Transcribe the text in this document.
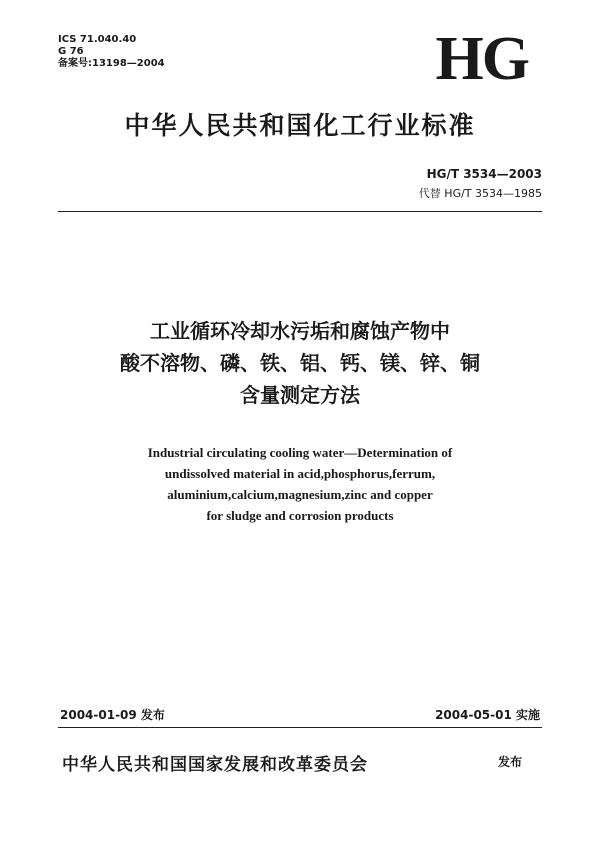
ICS 71.040.40
G 76
备案号:13198—2004	HG
中华人民共和国化工行业标准
HG/T 3534—2003
代替 HG/T 3534—1985
工业循环冷却水污垢和腐蚀产物中
酸不溶物、磷、铁、铝、钙、镁、锌、铜
含量测定方法
Industrial circulating cooling water—Determination of
undissolved material in acid,phosphorus,ferrum,
aluminium,calcium,magnesium,zinc and copper
for sludge and corrosion products
2004-01-09 发布	2004-05-01 实施
中华人民共和国国家发展和改革委员会	发布
